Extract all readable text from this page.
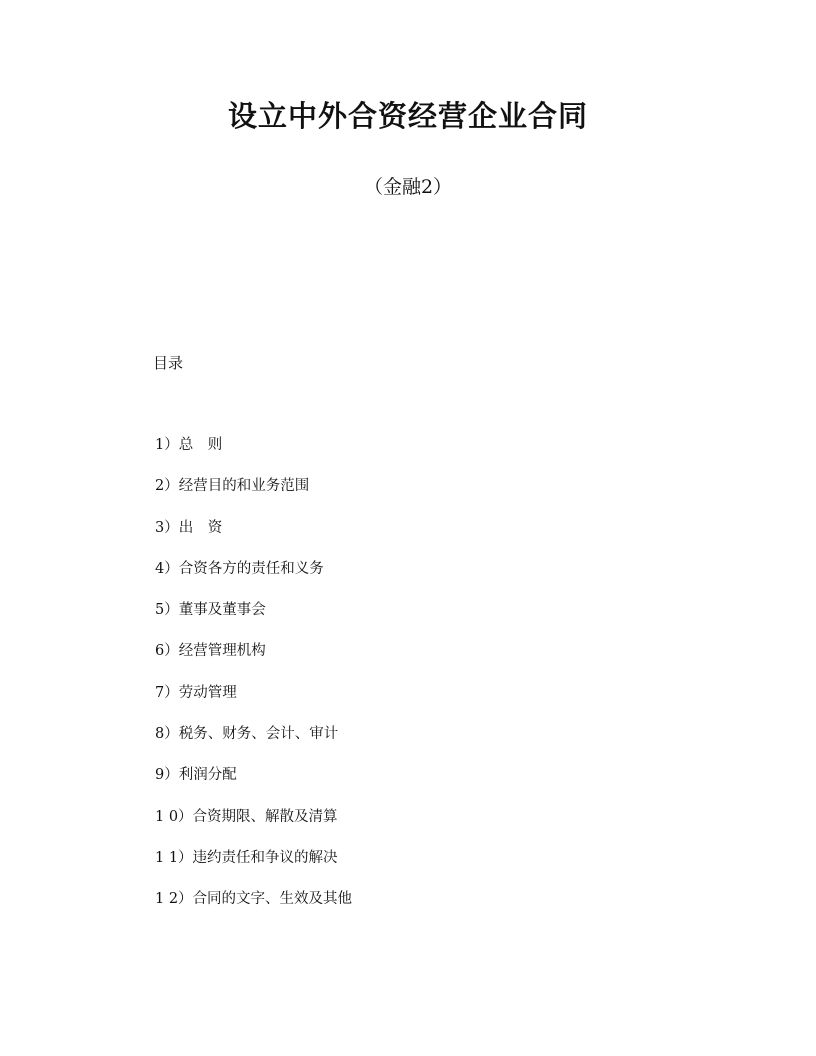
设立中外合资经营企业合同
（金融2）
目录
1）总　则
2）经营目的和业务范围
3）出　资
4）合资各方的责任和义务
5）董事及董事会
6）经营管理机构
7）劳动管理
8）税务、财务、会计、审计
9）利润分配
1 0）合资期限、解散及清算
1 1）违约责任和争议的解决
1 2）合同的文字、生效及其他
